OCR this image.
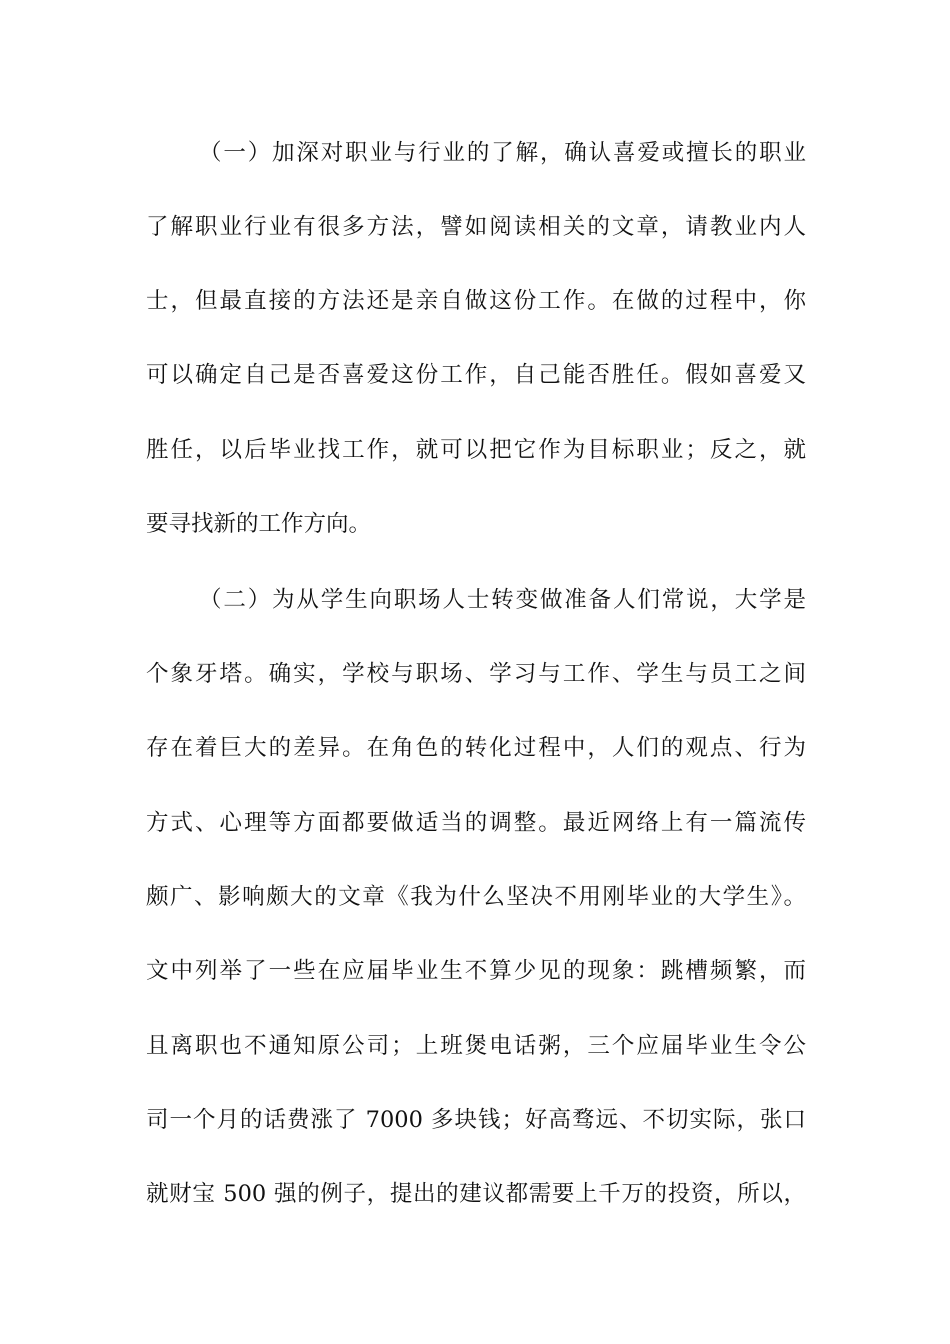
（一）加深对职业与行业的了解，确认喜爱或擅长的职业
了解职业行业有很多方法，譬如阅读相关的文章，请教业内人
士，但最直接的方法还是亲自做这份工作。在做的过程中，你
可以确定自己是否喜爱这份工作，自己能否胜任。假如喜爱又
胜任，以后毕业找工作，就可以把它作为目标职业；反之，就
要寻找新的工作方向。
（二）为从学生向职场人士转变做准备人们常说，大学是
个象牙塔。确实，学校与职场、学习与工作、学生与员工之间
存在着巨大的差异。在角色的转化过程中，人们的观点、行为
方式、心理等方面都要做适当的调整。最近网络上有一篇流传
颇广、影响颇大的文章《我为什么坚决不用刚毕业的大学生》。
文中列举了一些在应届毕业生不算少见的现象：跳槽频繁，而
且离职也不通知原公司；上班煲电话粥，三个应届毕业生令公
司一个月的话费涨了 7000 多块钱；好高骛远、不切实际，张口
就财宝 500 强的例子，提出的建议都需要上千万的投资，所以，
